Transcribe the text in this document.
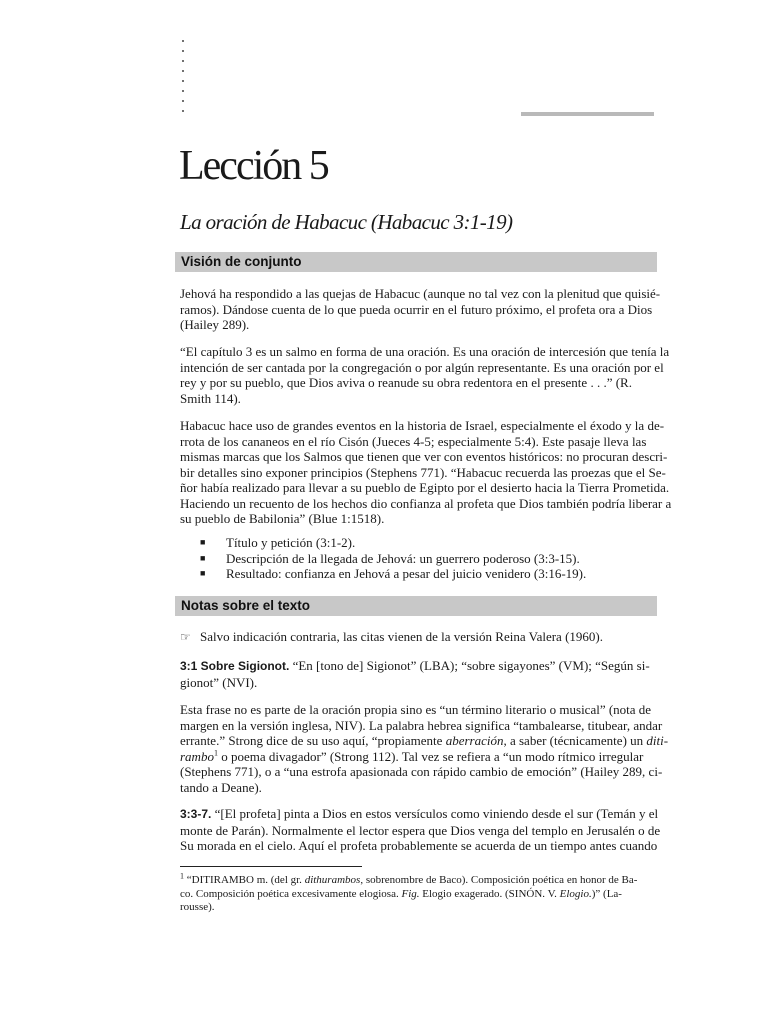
Lección 5
La oración de Habacuc (Habacuc 3:1-19)
Visión de conjunto
Jehová ha respondido a las quejas de Habacuc (aunque no tal vez con la plenitud que quisié-
ramos). Dándose cuenta de lo que pueda ocurrir en el futuro próximo, el profeta ora a Dios
(Hailey 289).
“El capítulo 3 es un salmo en forma de una oración. Es una oración de intercesión que tenía la
intención de ser cantada por la congregación o por algún representante. Es una oración por el
rey y por su pueblo, que Dios aviva o reanude su obra redentora en el presente . . .” (R.
Smith 114).
Habacuc hace uso de grandes eventos en la historia de Israel, especialmente el éxodo y la de-
rrota de los cananeos en el río Cisón (Jueces 4-5; especialmente 5:4). Este pasaje lleva las
mismas marcas que los Salmos que tienen que ver con eventos históricos: no procuran descri-
bir detalles sino exponer principios (Stephens 771). “Habacuc recuerda las proezas que el Se-
ñor había realizado para llevar a su pueblo de Egipto por el desierto hacia la Tierra Prometida.
Haciendo un recuento de los hechos dio confianza al profeta que Dios también podría liberar a
su pueblo de Babilonia” (Blue 1:1518).
■ Título y petición (3:1-2).
■ Descripción de la llegada de Jehová: un guerrero poderoso (3:3-15).
■ Resultado: confianza en Jehová a pesar del juicio venidero (3:16-19).
Notas sobre el texto
☞ Salvo indicación contraria, las citas vienen de la versión Reina Valera (1960).
3:1 Sobre Sigionot. “En [tono de] Sigionot” (LBA); “sobre sigayones” (VM); “Según si-
gionot” (NVI).
Esta frase no es parte de la oración propia sino es “un término literario o musical” (nota de
margen en la versión inglesa, NIV). La palabra hebrea significa “tambalearse, titubear, andar
errante.” Strong dice de su uso aquí, “propiamente aberración, a saber (técnicamente) un diti-
rambo$^1$ o poema divagador” (Strong 112). Tal vez se refiera a “un modo rítmico irregular
(Stephens 771), o a “una estrofa apasionada con rápido cambio de emoción” (Hailey 289, ci-
tando a Deane).
3:3-7. “[El profeta] pinta a Dios en estos versículos como viniendo desde el sur (Temán y el
monte de Parán). Normalmente el lector espera que Dios venga del templo en Jerusalén o de
Su morada en el cielo. Aquí el profeta probablemente se acuerda de un tiempo antes cuando
$^1$ “DITIRAMBO m. (del gr. dithurambos, sobrenombre de Baco). Composición poética en honor de Ba-
co. Composición poética excesivamente elogiosa. Fig. Elogio exagerado. (SINÓN. V. Elogio.)” (La-
rousse).
